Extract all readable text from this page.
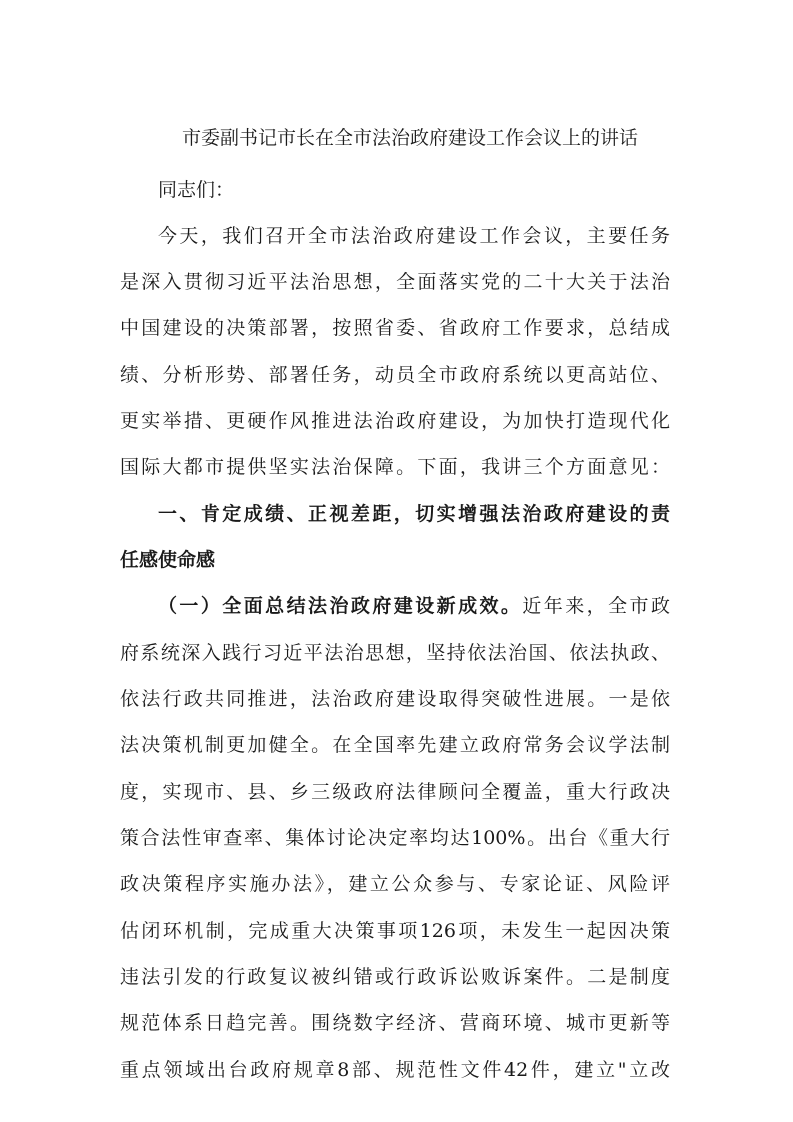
市委副书记市长在全市法治政府建设工作会议上的讲话
同志们：
今天，我们召开全市法治政府建设工作会议，主要任务
是深入贯彻习近平法治思想，全面落实党的二十大关于法治
中国建设的决策部署，按照省委、省政府工作要求，总结成
绩、分析形势、部署任务，动员全市政府系统以更高站位、
更实举措、更硬作风推进法治政府建设，为加快打造现代化
国际大都市提供坚实法治保障。下面，我讲三个方面意见：
一、肯定成绩、正视差距，切实增强法治政府建设的责
任感使命感
（一）全面总结法治政府建设新成效。近年来，全市政
府系统深入践行习近平法治思想，坚持依法治国、依法执政、
依法行政共同推进，法治政府建设取得突破性进展。一是依
法决策机制更加健全。在全国率先建立政府常务会议学法制
度，实现市、县、乡三级政府法律顾问全覆盖，重大行政决
策合法性审查率、集体讨论决定率均达100%。出台《重大行
政决策程序实施办法》，建立公众参与、专家论证、风险评
估闭环机制，完成重大决策事项126项，未发生一起因决策
违法引发的行政复议被纠错或行政诉讼败诉案件。二是制度
规范体系日趋完善。围绕数字经济、营商环境、城市更新等
重点领域出台政府规章8部、规范性文件42件，建立"立改
